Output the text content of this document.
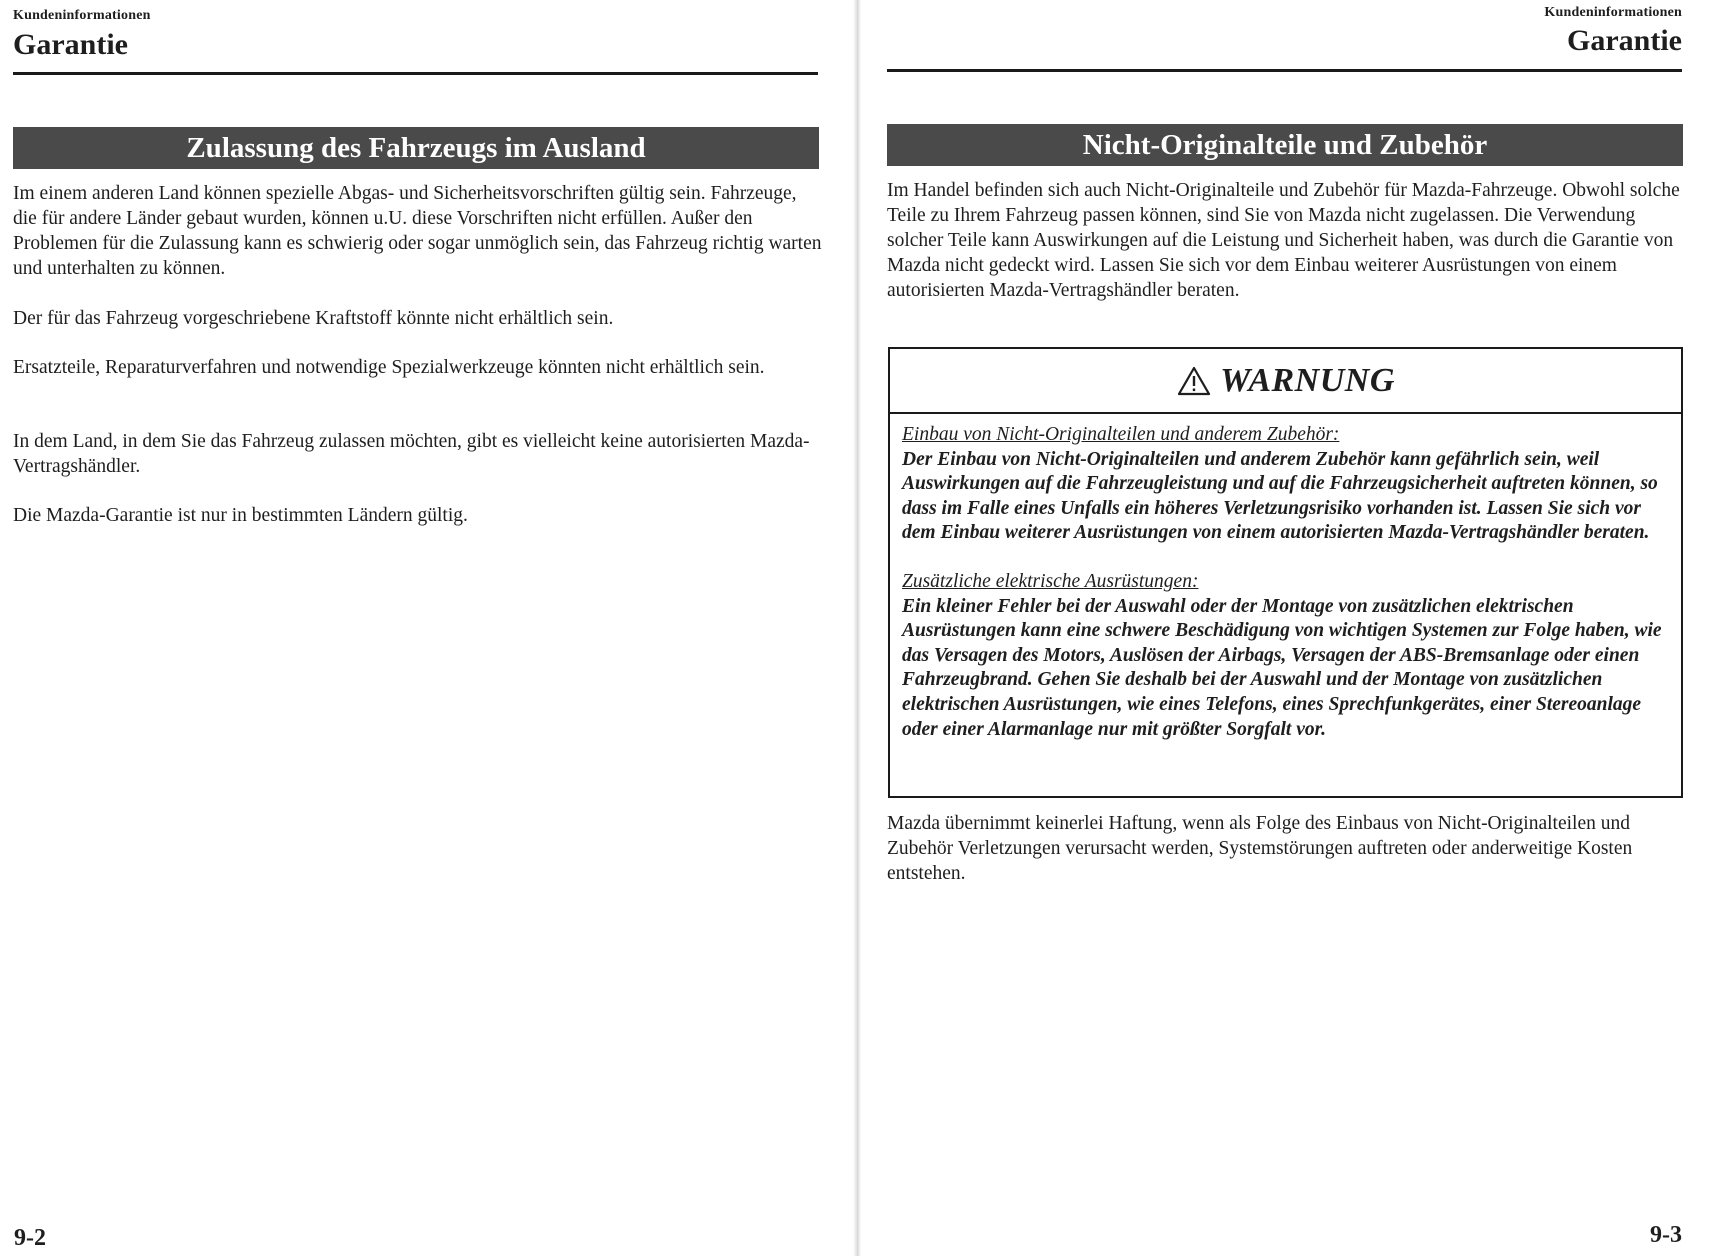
Kundeninformationen
Garantie
Zulassung des Fahrzeugs im Ausland

Im einem anderen Land können spezielle Abgas- und Sicherheitsvorschriften gültig sein. Fahrzeuge, die für andere Länder gebaut wurden, können u.U. diese Vorschriften nicht erfüllen. Außer den Problemen für die Zulassung kann es schwierig oder sogar unmöglich sein, das Fahrzeug richtig warten und unterhalten zu können.

Der für das Fahrzeug vorgeschriebene Kraftstoff könnte nicht erhältlich sein.

Ersatzteile, Reparaturverfahren und notwendige Spezialwerkzeuge könnten nicht erhältlich sein.

In dem Land, in dem Sie das Fahrzeug zulassen möchten, gibt es vielleicht keine autorisierten Mazda-Vertragshändler.

Die Mazda-Garantie ist nur in bestimmten Ländern gültig.

9-2
Kundeninformationen
Garantie
Nicht-Originalteile und Zubehör

Im Handel befinden sich auch Nicht-Originalteile und Zubehör für Mazda-Fahrzeuge. Obwohl solche Teile zu Ihrem Fahrzeug passen können, sind Sie von Mazda nicht zugelassen. Die Verwendung solcher Teile kann Auswirkungen auf die Leistung und Sicherheit haben, was durch die Garantie von Mazda nicht gedeckt wird. Lassen Sie sich vor dem Einbau weiterer Ausrüstungen von einem autorisierten Mazda-Vertragshändler beraten.

WARNUNG

Einbau von Nicht-Originalteilen und anderem Zubehör:
Der Einbau von Nicht-Originalteilen und anderem Zubehör kann gefährlich sein, weil Auswirkungen auf die Fahrzeugleistung und auf die Fahrzeugsicherheit auftreten können, so dass im Falle eines Unfalls ein höheres Verletzungsrisiko vorhanden ist. Lassen Sie sich vor dem Einbau weiterer Ausrüstungen von einem autorisierten Mazda-Vertragshändler beraten.

Zusätzliche elektrische Ausrüstungen:
Ein kleiner Fehler bei der Auswahl oder der Montage von zusätzlichen elektrischen Ausrüstungen kann eine schwere Beschädigung von wichtigen Systemen zur Folge haben, wie das Versagen des Motors, Auslösen der Airbags, Versagen der ABS-Bremsanlage oder einen Fahrzeugbrand. Gehen Sie deshalb bei der Auswahl und der Montage von zusätzlichen elektrischen Ausrüstungen, wie eines Telefons, eines Sprechfunkgerätes, einer Stereoanlage oder einer Alarmanlage nur mit größter Sorgfalt vor.

Mazda übernimmt keinerlei Haftung, wenn als Folge des Einbaus von Nicht-Originalteilen und Zubehör Verletzungen verursacht werden, Systemstörungen auftreten oder anderweitige Kosten entstehen.

9-3
